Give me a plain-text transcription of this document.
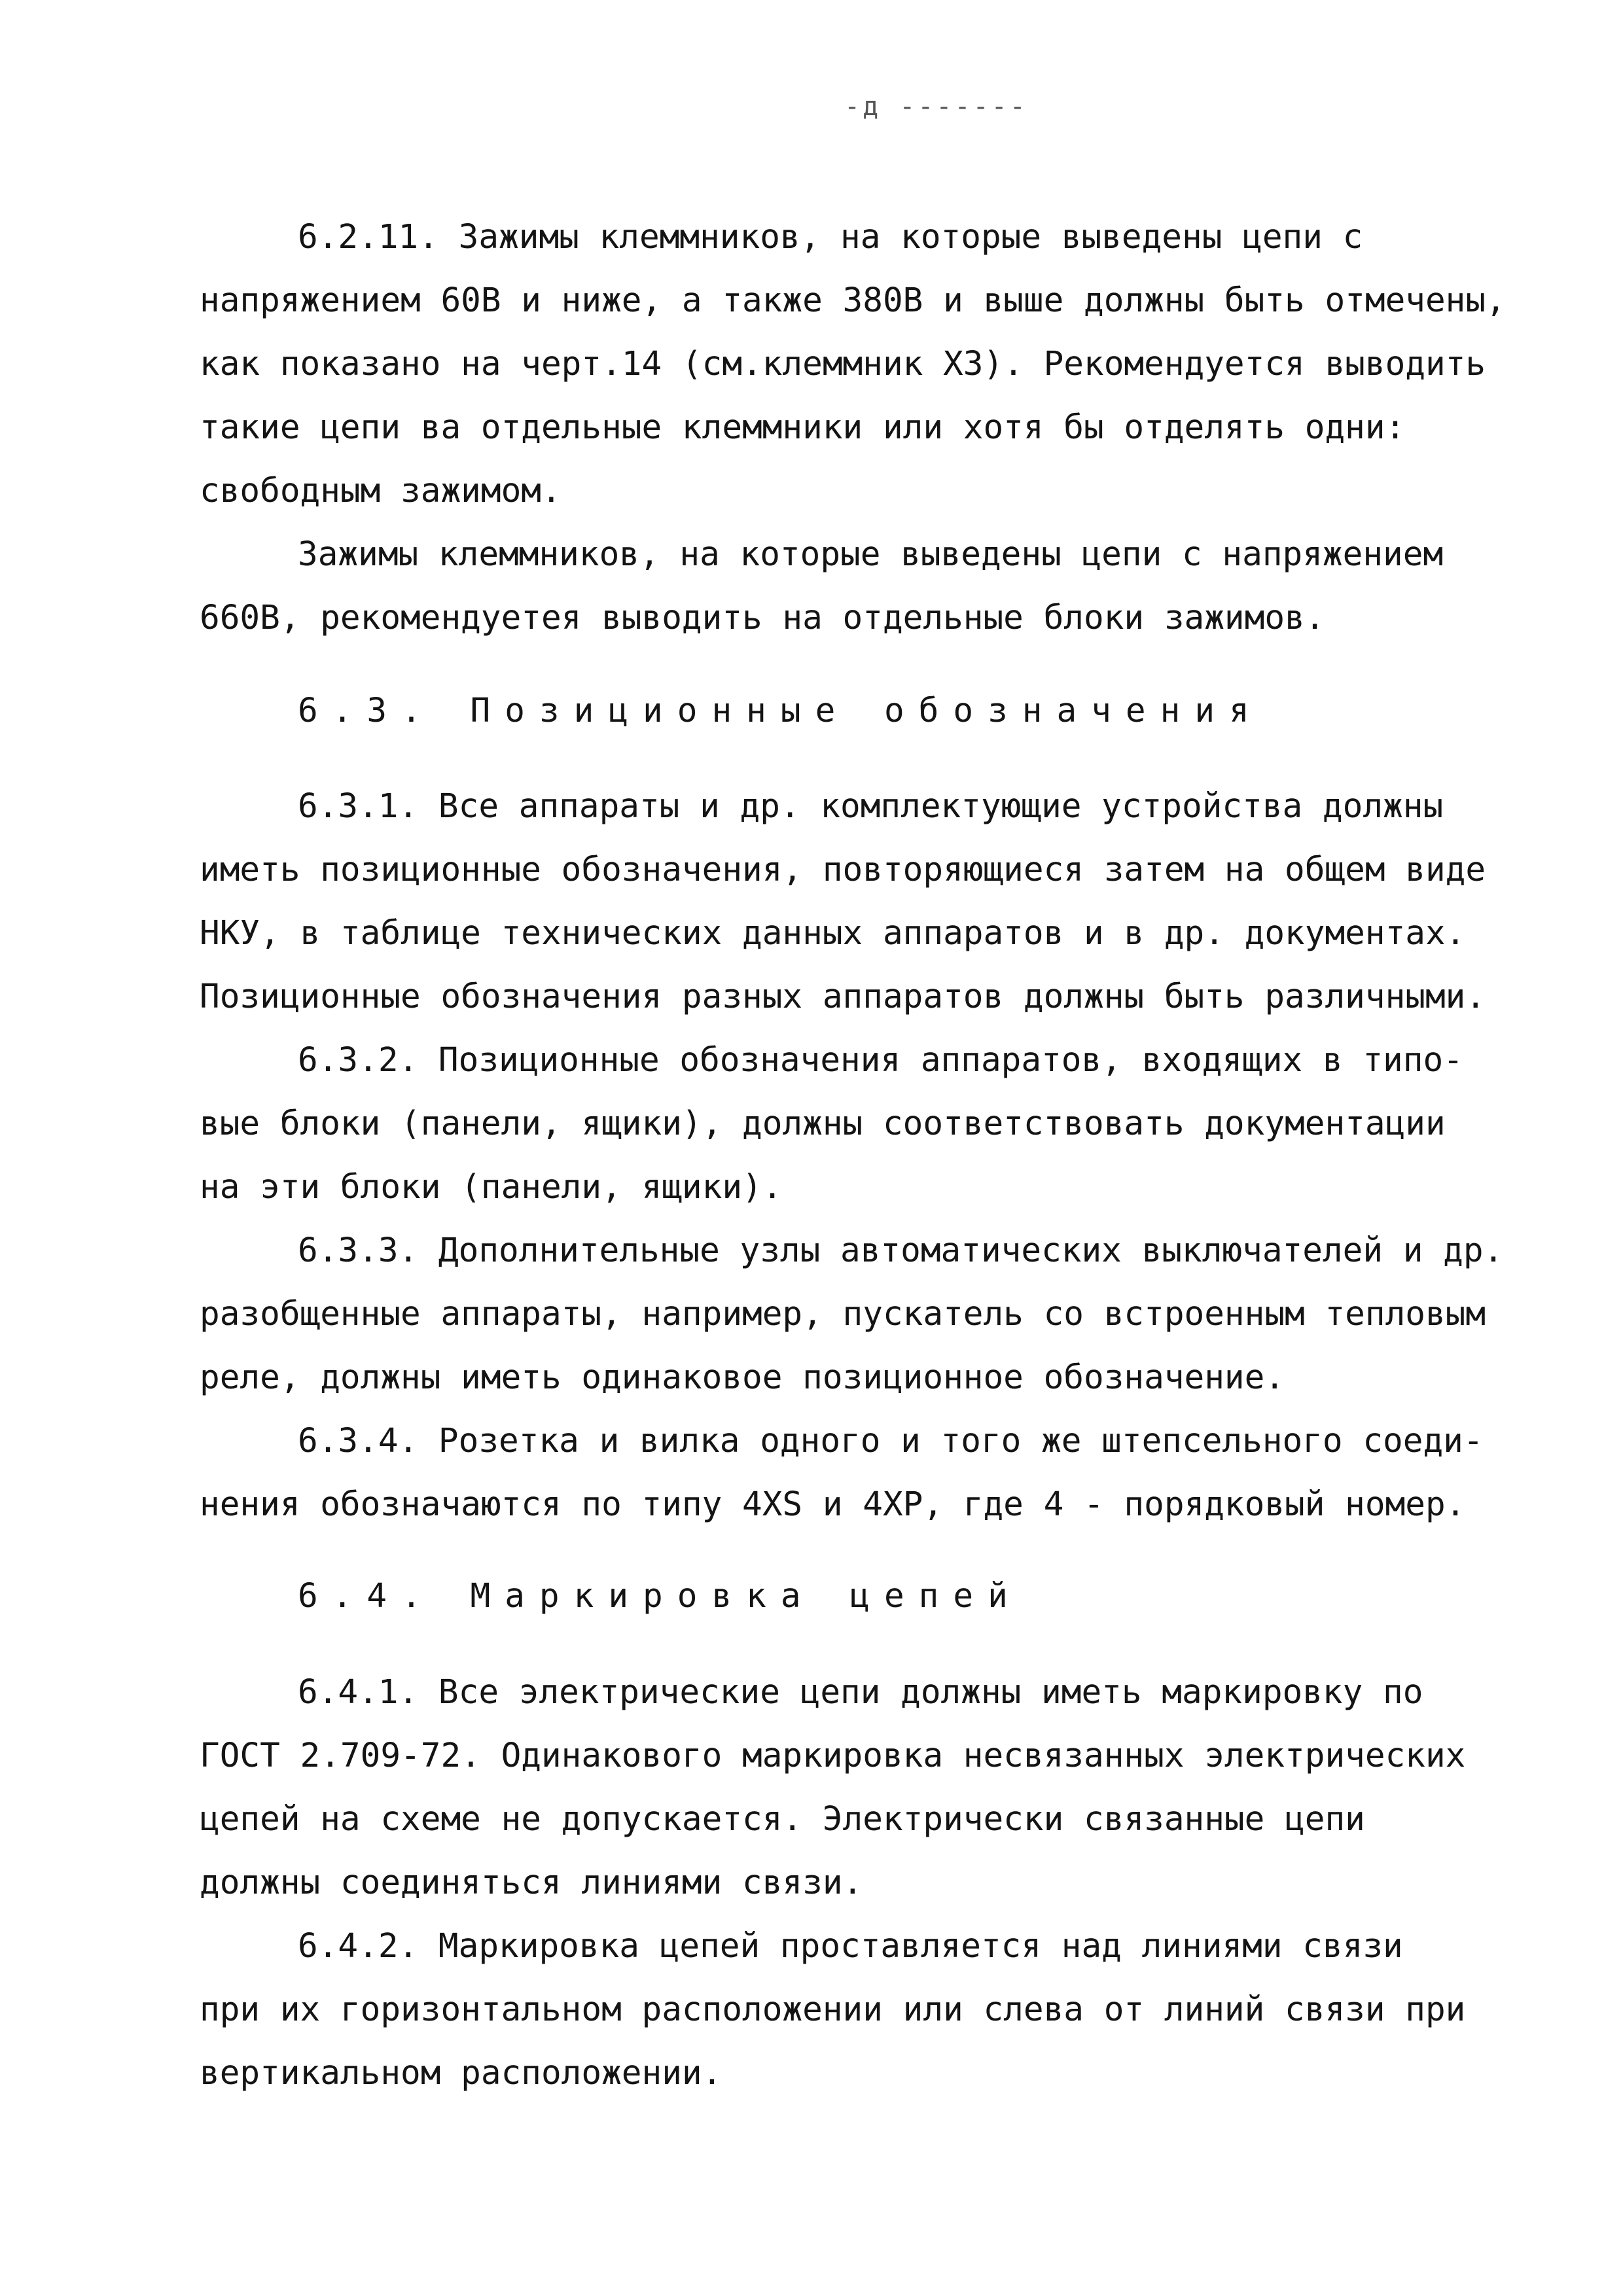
-д -------
6.2.11. Зажимы клеммников, на которые выведены цепи с
напряжением 60В и ниже, а также 380В и выше должны быть отмечены,
как показано на черт.14 (см.клеммник ХЗ). Рекомендуется выводить
такие цепи ва отдельные клеммники или хотя бы отделять одни:
свободным зажимом.
Зажимы клеммников, на которые выведены цепи с напряжением
660В, рекомендуетея выводить на отдельные блоки зажимов.
6.3. Позиционные обозначения
6.3.1. Все аппараты и др. комплектующие устройства должны
иметь позиционные обозначения, повторяющиеся затем на общем виде
НКУ, в таблице технических данных аппаратов и в др. документах.
Позиционные обозначения разных аппаратов должны быть различными.
6.3.2. Позиционные обозначения аппаратов, входящих в типо-
вые блоки (панели, ящики), должны соответствовать документации
на эти блоки (панели, ящики).
6.3.3. Дополнительные узлы автоматических выключателей и др.
разобщенные аппараты, например, пускатель со встроенным тепловым
реле, должны иметь одинаковое позиционное обозначение.
6.3.4. Розетка и вилка одного и того же штепсельного соеди-
нения обозначаются по типу 4XS и 4ХР, где 4 - порядковый номер.
6.4. Маркировка цепей
6.4.1. Все электрические цепи должны иметь маркировку по
ГОСТ 2.709-72. Одинакового маркировка несвязанных электрических
цепей на схеме не допускается. Электрически связанные цепи
должны соединяться линиями связи.
6.4.2. Маркировка цепей проставляется над линиями связи
при их горизонтальном расположении или слева от линий связи при
вертикальном расположении.
